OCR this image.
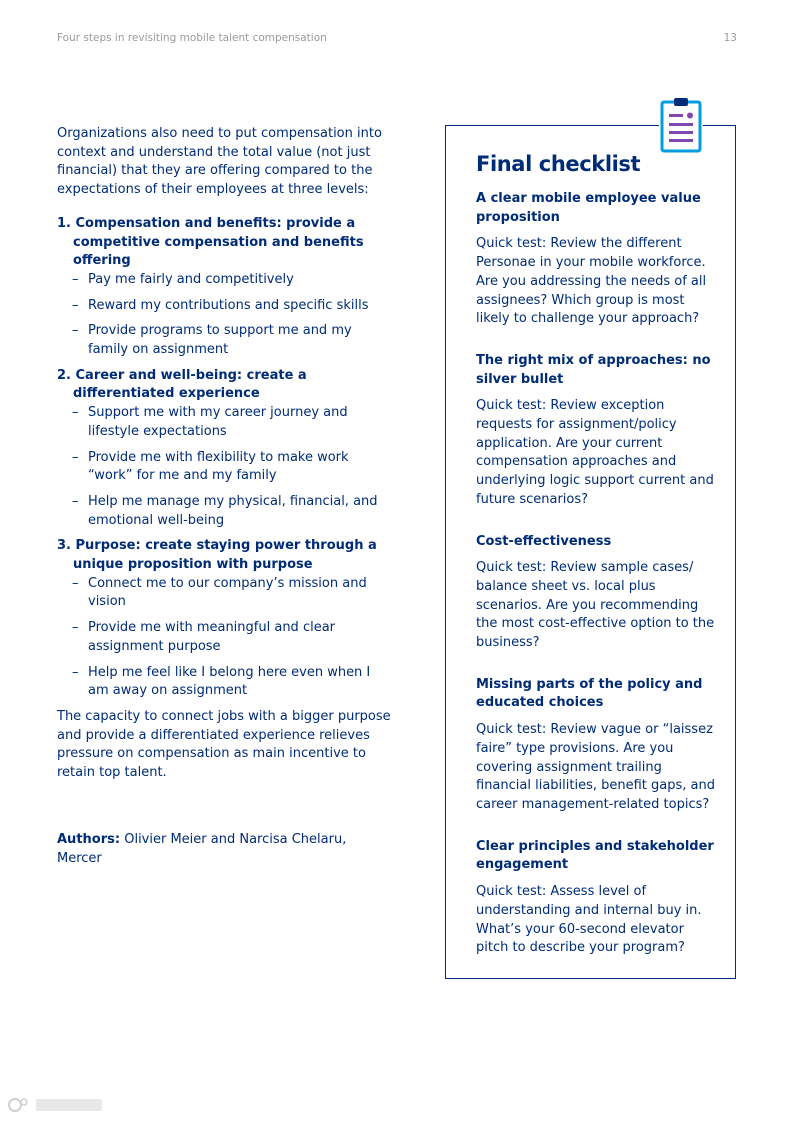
Four steps in revisiting mobile talent compensation	13

Organizations also need to put compensation into context and understand the total value (not just financial) that they are offering compared to the expectations of their employees at three levels:

1. Compensation and benefits: provide a competitive compensation and benefits offering

– Pay me fairly and competitively
– Reward my contributions and specific skills
– Provide programs to support me and my family on assignment

2. Career and well-being: create a differentiated experience

– Support me with my career journey and lifestyle expectations
– Provide me with flexibility to make work “work” for me and my family
– Help me manage my physical, financial, and emotional well-being

3. Purpose: create staying power through a unique proposition with purpose

– Connect me to our company’s mission and vision
– Provide me with meaningful and clear assignment purpose
– Help me feel like I belong here even when I am away on assignment

The capacity to connect jobs with a bigger purpose and provide a differentiated experience relieves pressure on compensation as main incentive to retain top talent.

Authors: Olivier Meier and Narcisa Chelaru, Mercer

Final checklist

A clear mobile employee value proposition

Quick test: Review the different Personae in your mobile workforce. Are you addressing the needs of all assignees? Which group is most likely to challenge your approach?

The right mix of approaches: no silver bullet

Quick test: Review exception requests for assignment/policy application. Are your current compensation approaches and underlying logic support current and future scenarios?

Cost-effectiveness

Quick test: Review sample cases/ balance sheet vs. local plus scenarios. Are you recommending the most cost-effective option to the business?

Missing parts of the policy and educated choices

Quick test: Review vague or “laissez faire” type provisions. Are you covering assignment trailing financial liabilities, benefit gaps, and career management-related topics?

Clear principles and stakeholder engagement

Quick test: Assess level of understanding and internal buy in. What’s your 60-second elevator pitch to describe your program?
